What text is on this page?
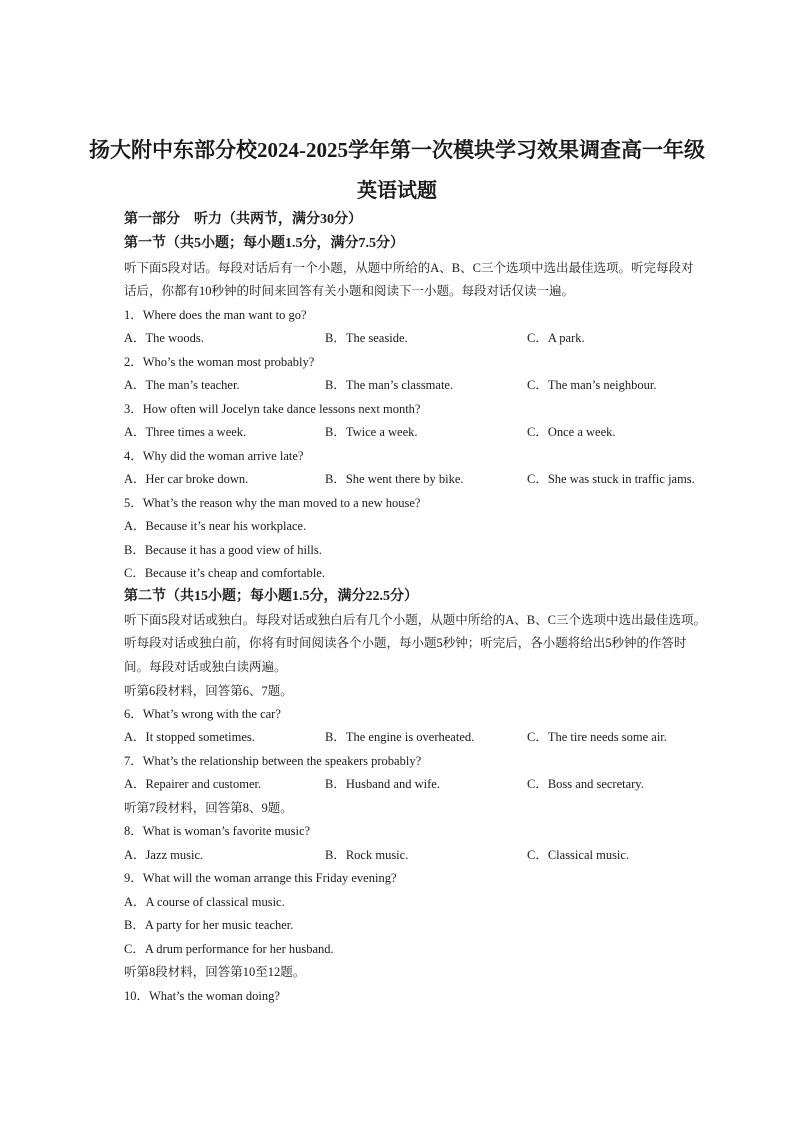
扬大附中东部分校2024-2025学年第一次模块学习效果调查高一年级
英语试题
第一部分　听力（共两节，满分30分）
第一节（共5小题；每小题1.5分，满分7.5分）
听下面5段对话。每段对话后有一个小题，从题中所给的A、B、C三个选项中选出最佳选项。听完每段对
话后，你都有10秒钟的时间来回答有关小题和阅读下一小题。每段对话仅读一遍。
1．Where does the man want to go?
A．The woods.	B．The seaside.	C．A park.
2．Who’s the woman most probably?
A．The man’s teacher.	B．The man’s classmate.	C．The man’s neighbour.
3．How often will Jocelyn take dance lessons next month?
A．Three times a week.	B．Twice a week.	C．Once a week.
4．Why did the woman arrive late?
A．Her car broke down.	B．She went there by bike.	C．She was stuck in traffic jams.
5．What’s the reason why the man moved to a new house?
A．Because it’s near his workplace.
B．Because it has a good view of hills.
C．Because it’s cheap and comfortable.
第二节（共15小题；每小题1.5分，满分22.5分）
听下面5段对话或独白。每段对话或独白后有几个小题，从题中所给的A、B、C三个选项中选出最佳选项。
听每段对话或独白前，你将有时间阅读各个小题，每小题5秒钟；听完后，各小题将给出5秒钟的作答时
间。每段对话或独白读两遍。
听第6段材料，回答第6、7题。
6．What’s wrong with the car?
A．It stopped sometimes.	B．The engine is overheated.	C．The tire needs some air.
7．What’s the relationship between the speakers probably?
A．Repairer and customer.	B．Husband and wife.	C．Boss and secretary.
听第7段材料，回答第8、9题。
8．What is woman’s favorite music?
A．Jazz music.	B．Rock music.	C．Classical music.
9．What will the woman arrange this Friday evening?
A．A course of classical music.
B．A party for her music teacher.
C．A drum performance for her husband.
听第8段材料，回答第10至12题。
10．What’s the woman doing?
